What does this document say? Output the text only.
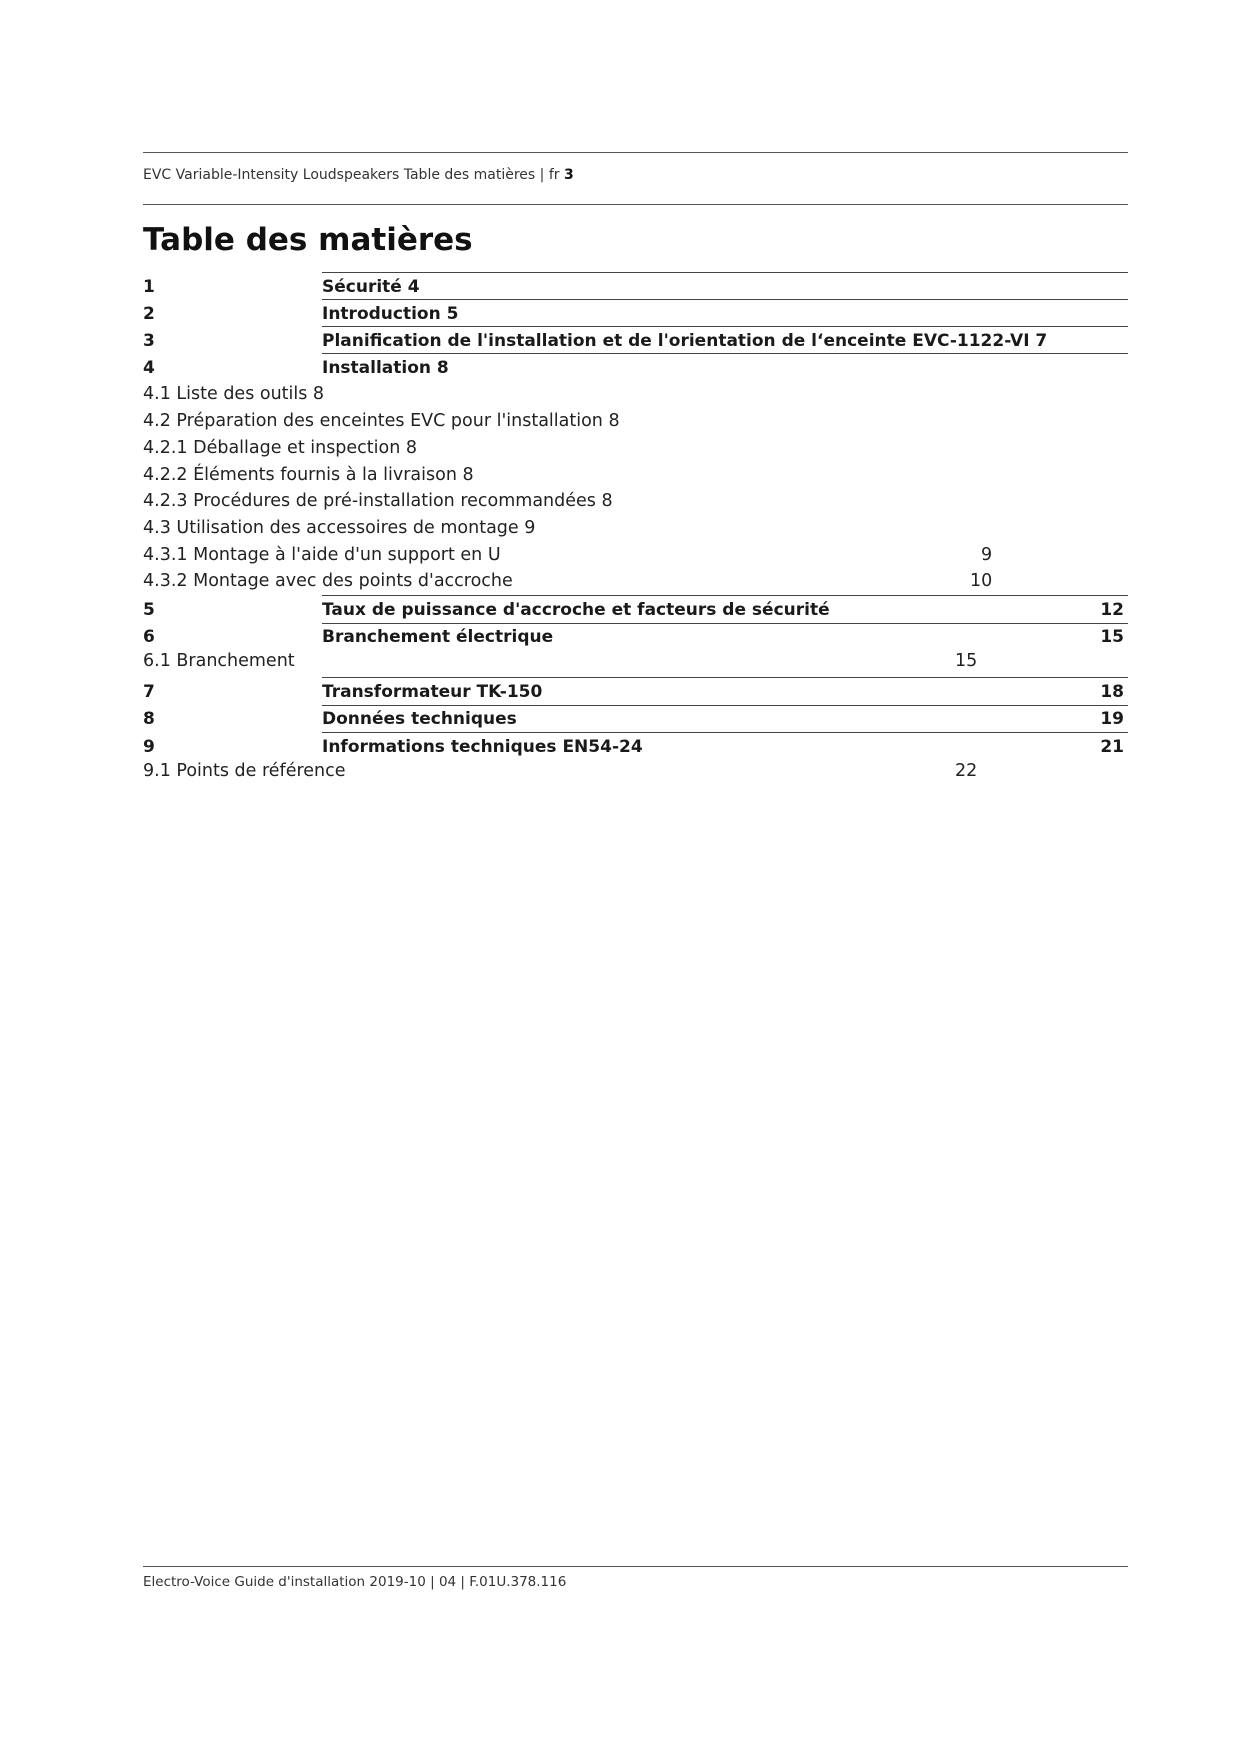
EVC Variable-Intensity Loudspeakers Table des matières | fr 3
Table des matières
1	Sécurité 4
2	Introduction 5
3	Planification de l'installation et de l'orientation de l‘enceinte EVC-1122-VI 7
4	Installation 8
4.1 Liste des outils 8
4.2 Préparation des enceintes EVC pour l'installation 8
4.2.1 Déballage et inspection 8
4.2.2 Éléments fournis à la livraison 8
4.2.3 Procédures de pré-installation recommandées 8
4.3 Utilisation des accessoires de montage 9
4.3.1 Montage à l'aide d'un support en U	9
4.3.2 Montage avec des points d'accroche	10
5	Taux de puissance d'accroche et facteurs de sécurité	12
6	Branchement électrique	15
6.1 Branchement	15
7	Transformateur TK-150	18
8	Données techniques	19
9	Informations techniques EN54-24	21
9.1 Points de référence	22
Electro-Voice Guide d'installation 2019-10 | 04 | F.01U.378.116
